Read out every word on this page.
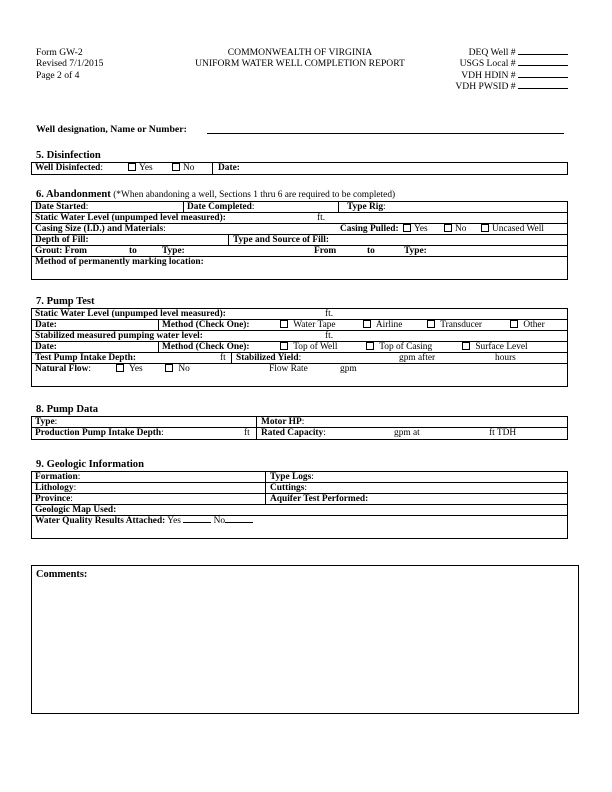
Form GW-2
Revised 7/1/2015
Page 2 of 4
COMMONWEALTH OF VIRGINIA
UNIFORM WATER WELL COMPLETION REPORT
DEQ Well #
USGS Local #
VDH HDIN #
VDH PWSID #
Well designation, Name or Number:
5. Disinfection
Well Disinfected:	Yes	No	Date:
6. Abandonment (*When abandoning a well, Sections 1 thru 6 are required to be completed)
Date Started:	Date Completed:	Type Rig:
Static Water Level (unpumped level measured):	ft.
Casing Size (I.D.) and Materials:	Casing Pulled:	Yes	No	Uncased Well
Depth of Fill:	Type and Source of Fill:
Grout: From	to	Type:	From	to	Type:
Method of permanently marking location:
7. Pump Test
Static Water Level (unpumped level measured):	ft.
Date:	Method (Check One):	Water Tape	Airline	Transducer	Other
Stabilized measured pumping water level:	ft.
Date:	Method (Check One):	Top of Well	Top of Casing	Surface Level
Test Pump Intake Depth:	ft Stabilized Yield:	gpm after	hours
Natural Flow:	Yes	No	Flow Rate	gpm
8. Pump Data
Type:	Motor HP:
Production Pump Intake Depth:	ft Rated Capacity:	gpm at	ft TDH
9. Geologic Information
Formation:	Type Logs:
Lithology:	Cuttings:
Province:	Aquifer Test Performed:
Geologic Map Used:
Water Quality Results Attached: Yes	No
Comments:
